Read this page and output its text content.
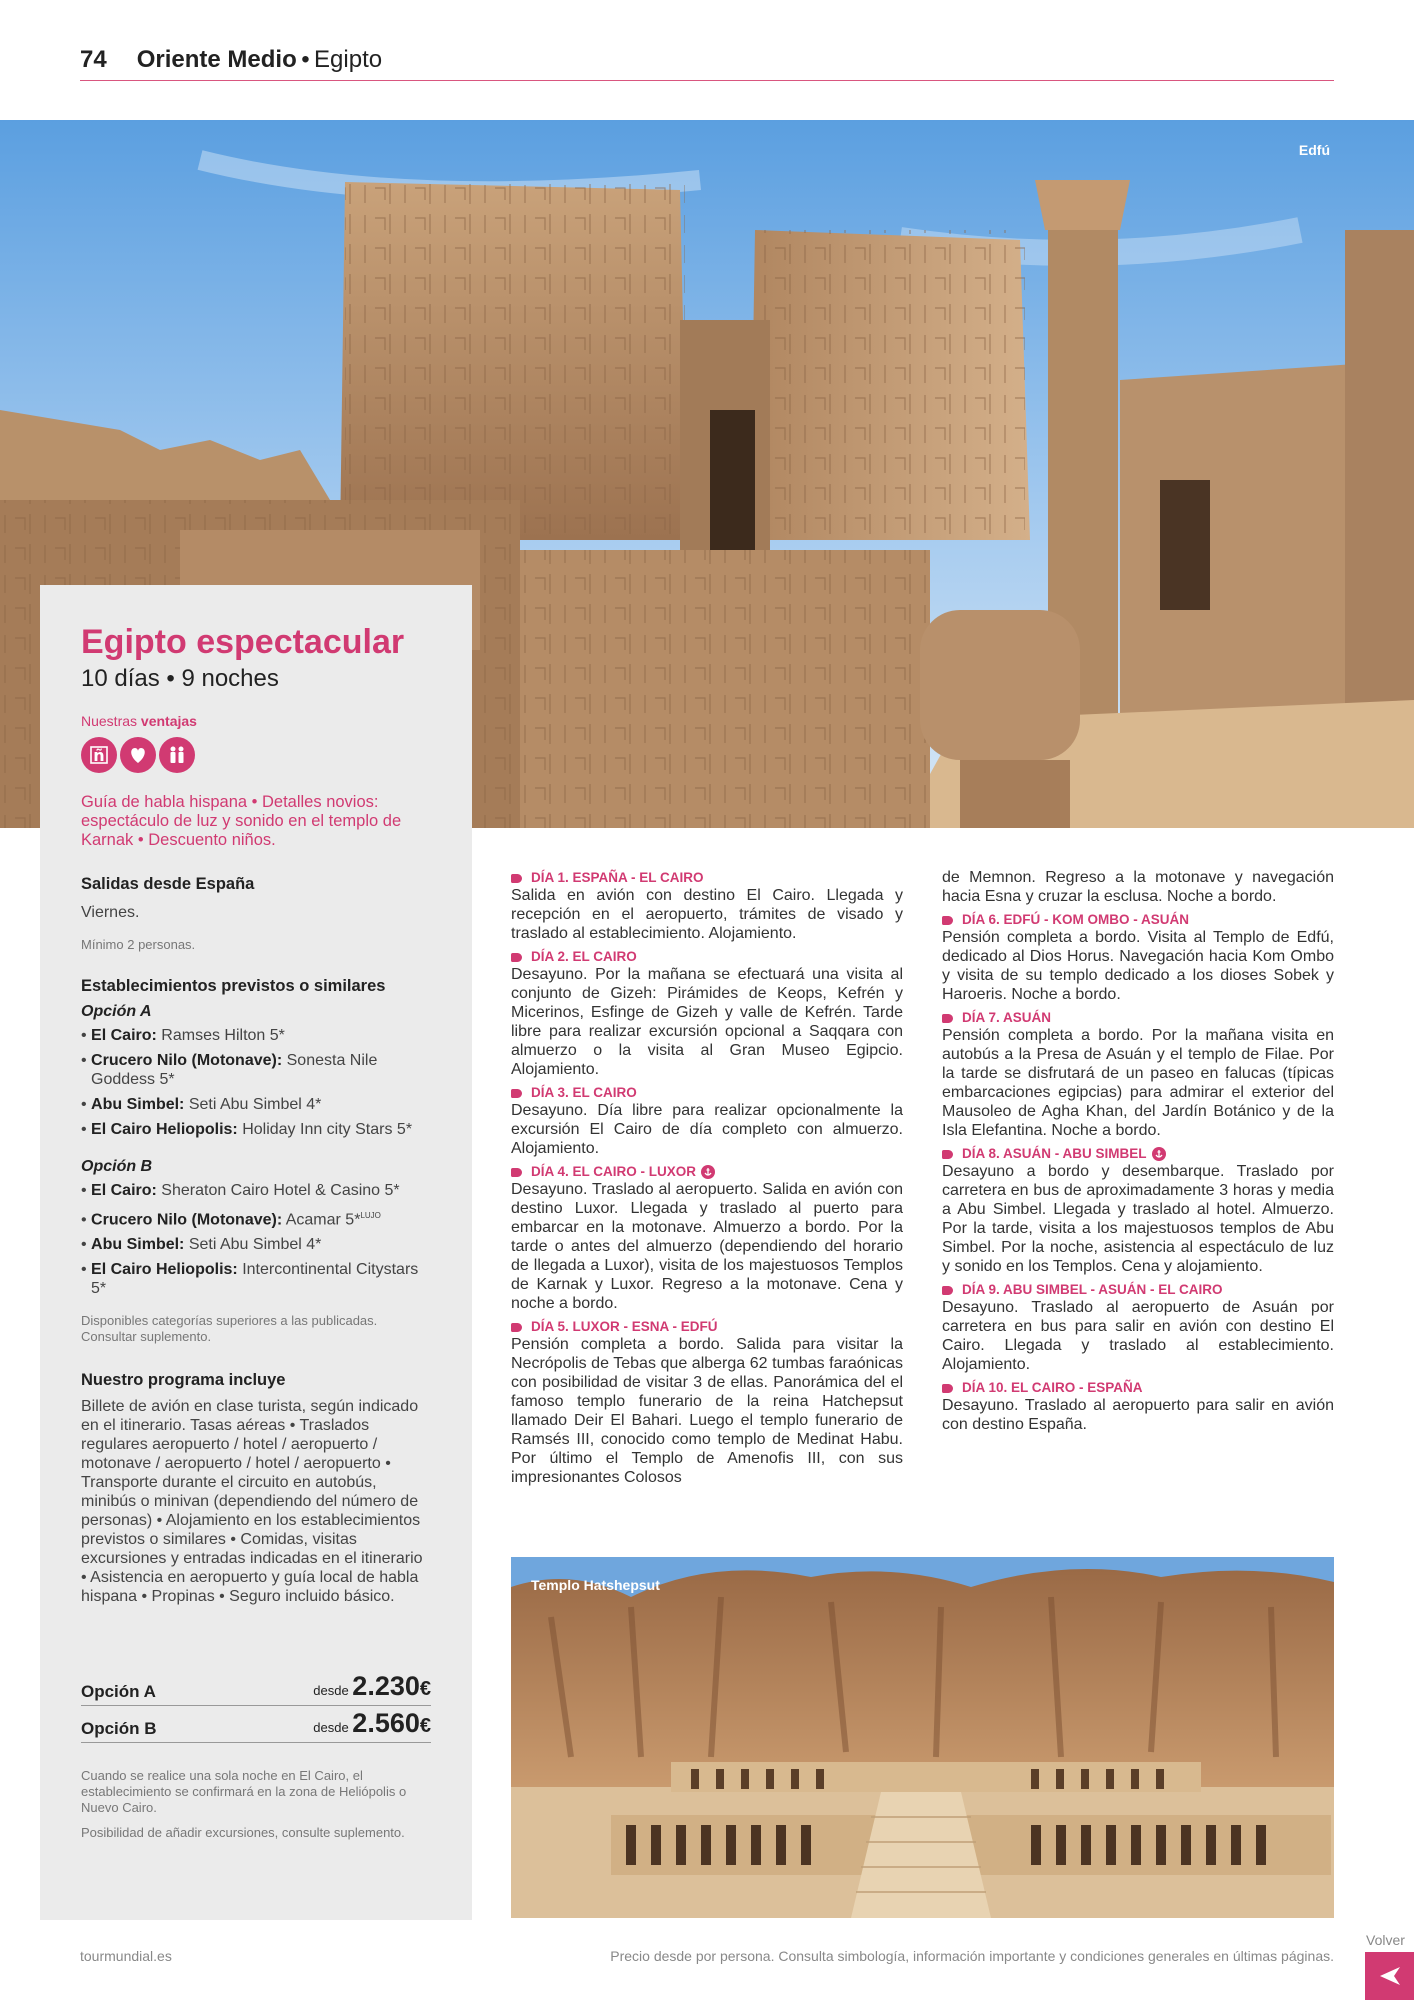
74 Oriente Medio • Egipto
Edfú
Egipto espectacular
10 días • 9 noches
Nuestras ventajas
ñ
Guía de habla hispana • Detalles novios: espectáculo de luz y sonido en el templo de Karnak • Descuento niños.
Salidas desde España
Viernes.
Mínimo 2 personas.
Establecimientos previstos o similares
Opción A

• El Cairo: Ramses Hilton 5*

• Crucero Nilo (Motonave): Sonesta Nile Goddess 5*

• Abu Simbel: Seti Abu Simbel 4*

• El Cairo Heliopolis: Holiday Inn city Stars 5*

Opción B

• El Cairo: Sheraton Cairo Hotel & Casino 5*

• Crucero Nilo (Motonave): Acamar 5*$^{LUJO}$

• Abu Simbel: Seti Abu Simbel 4*

• El Cairo Heliopolis: Intercontinental Citystars 5*

Disponibles categorías superiores a las publicadas. Consultar suplemento.
Nuestro programa incluye
Billete de avión en clase turista, según indicado en el itinerario. Tasas aéreas • Traslados regulares aeropuerto / hotel / aeropuerto / motonave / aeropuerto / hotel / aeropuerto • Transporte durante el circuito en autobús, minibús o minivan (dependiendo del número de personas) • Alojamiento en los establecimientos previstos o similares • Comidas, visitas excursiones y entradas indicadas en el itinerario • Asistencia en aeropuerto y guía local de habla hispana • Propinas • Seguro incluido básico.
Opción A	desde 2.230€
Opción B	desde 2.560€
Cuando se realice una sola noche en El Cairo, el establecimiento se confirmará en la zona de Heliópolis o Nuevo Cairo.
Posibilidad de añadir excursiones, consulte suplemento.
DÍA 1. ESPAÑA - EL CAIRO
Salida en avión con destino El Cairo. Llegada y recepción en el aeropuerto, trámites de visado y traslado al establecimiento. Alojamiento.
DÍA 2. EL CAIRO
Desayuno. Por la mañana se efectuará una visita al conjunto de Gizeh: Pirámides de Keops, Kefrén y Micerinos, Esfinge de Gizeh y valle de Kefrén. Tarde libre para realizar excursión opcional a Saqqara con almuerzo o la visita al Gran Museo Egipcio. Alojamiento.
DÍA 3. EL CAIRO
Desayuno. Día libre para realizar opcionalmente la excursión El Cairo de día completo con almuerzo. Alojamiento.
DÍA 4. EL CAIRO - LUXOR
Desayuno. Traslado al aeropuerto. Salida en avión con destino Luxor. Llegada y traslado al puerto para embarcar en la motonave. Almuerzo a bordo. Por la tarde o antes del almuerzo (dependiendo del horario de llegada a Luxor), visita de los majestuosos Templos de Karnak y Luxor. Regreso a la motonave. Cena y noche a bordo.
DÍA 5. LUXOR - ESNA - EDFÚ
Pensión completa a bordo. Salida para visitar la Necrópolis de Tebas que alberga 62 tumbas faraónicas con posibilidad de visitar 3 de ellas. Panorámica del el famoso templo funerario de la reina Hatchepsut llamado Deir El Bahari. Luego el templo funerario de Ramsés III, conocido como templo de Medinat Habu. Por último el Templo de Amenofis III, con sus impresionantes Colosos
de Memnon. Regreso a la motonave y navegación hacia Esna y cruzar la esclusa. Noche a bordo.
DÍA 6. EDFÚ - KOM OMBO - ASUÁN
Pensión completa a bordo. Visita al Templo de Edfú, dedicado al Dios Horus. Navegación hacia Kom Ombo y visita de su templo dedicado a los dioses Sobek y Haroeris. Noche a bordo.
DÍA 7. ASUÁN
Pensión completa a bordo. Por la mañana visita en autobús a la Presa de Asuán y el templo de Filae. Por la tarde se disfrutará de un paseo en falucas (típicas embarcaciones egipcias) para admirar el exterior del Mausoleo de Agha Khan, del Jardín Botánico y de la Isla Elefantina. Noche a bordo.
DÍA 8. ASUÁN - ABU SIMBEL
Desayuno a bordo y desembarque. Traslado por carretera en bus de aproximadamente 3 horas y media a Abu Simbel. Llegada y traslado al hotel. Almuerzo. Por la tarde, visita a los majestuosos templos de Abu Simbel. Por la noche, asistencia al espectáculo de luz y sonido en los Templos. Cena y alojamiento.
DÍA 9. ABU SIMBEL - ASUÁN - EL CAIRO
Desayuno. Traslado al aeropuerto de Asuán por carretera en bus para salir en avión con destino El Cairo. Llegada y traslado al establecimiento. Alojamiento.
DÍA 10. EL CAIRO - ESPAÑA
Desayuno. Traslado al aeropuerto para salir en avión con destino España.
Templo Hatshepsut
tourmundial.es	Precio desde por persona. Consulta simbología, información importante y condiciones generales en últimas páginas.
Volver
